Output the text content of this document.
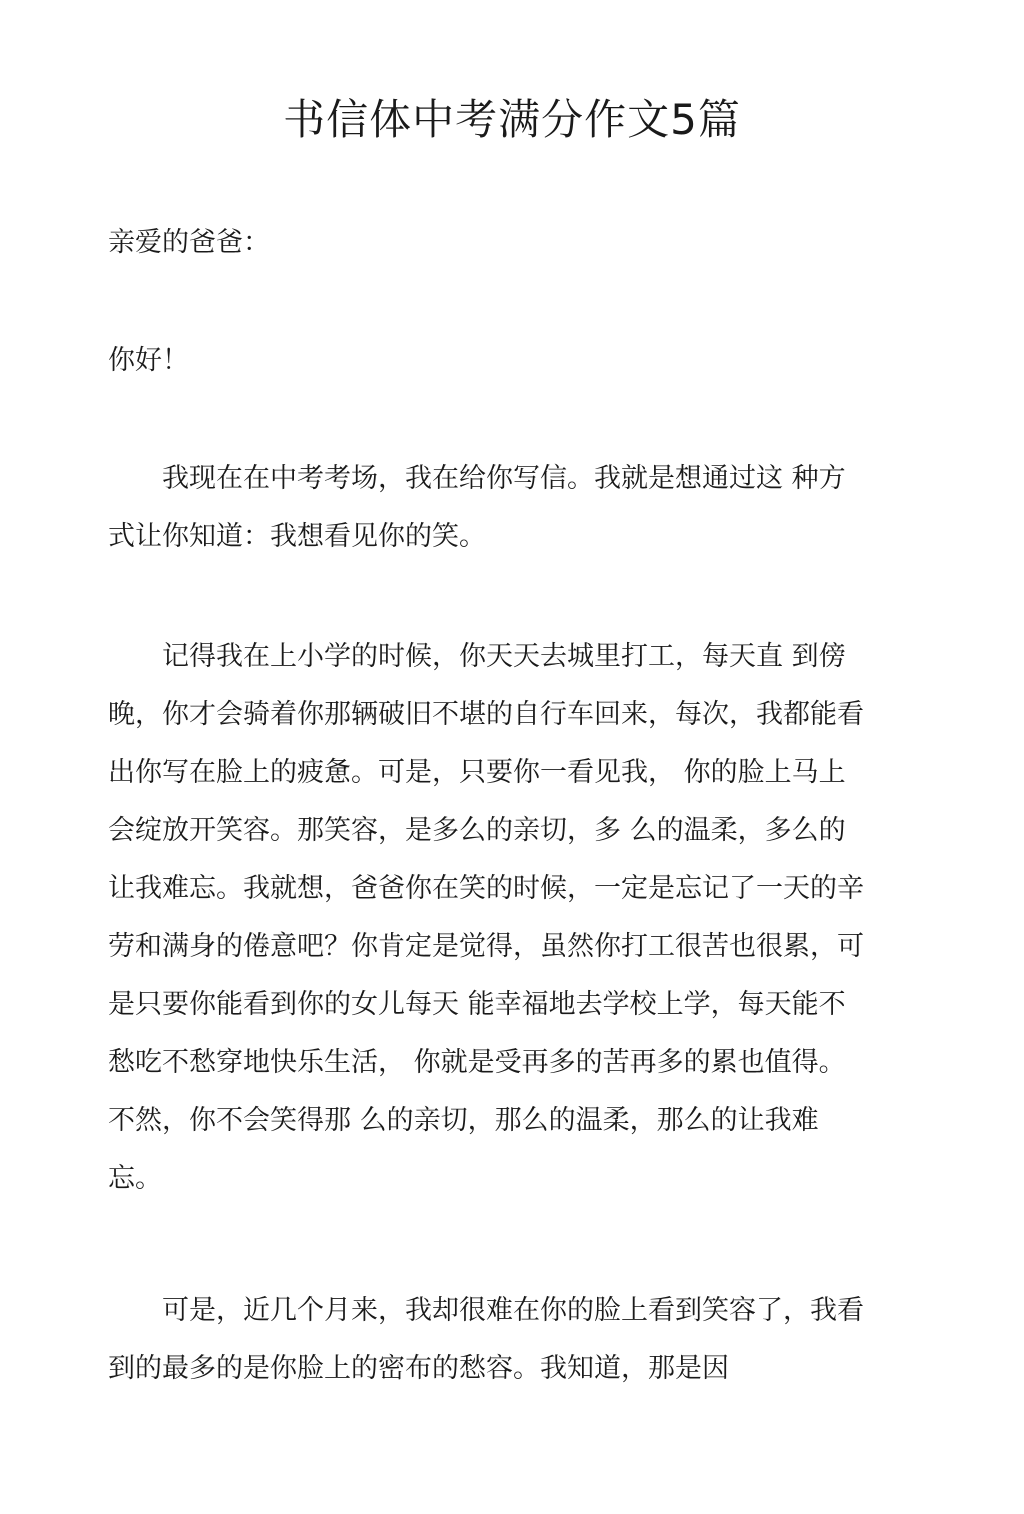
书信体中考满分作文5篇

亲爱的爸爸：

你好！

　　我现在在中考考场，我在给你写信。我就是想通过这 种方
式让你知道：我想看见你的笑。
　　记得我在上小学的时候，你天天去城里打工，每天直 到傍
晚，你才会骑着你那辆破旧不堪的自行车回来，每次，我都能看
出你写在脸上的疲惫。可是，只要你一看见我， 你的脸上马上
会绽放开笑容。那笑容，是多么的亲切，多 么的温柔，多么的
让我难忘。我就想，爸爸你在笑的时候，一定是忘记了一天的辛
劳和满身的倦意吧？你肯定是觉得，虽然你打工很苦也很累，可
是只要你能看到你的女儿每天 能幸福地去学校上学，每天能不
愁吃不愁穿地快乐生活， 你就是受再多的苦再多的累也值得。
不然，你不会笑得那 么的亲切，那么的温柔，那么的让我难
忘。
　　可是，近几个月来，我却很难在你的脸上看到笑容了，我看
到的最多的是你脸上的密布的愁容。我知道，那是因
